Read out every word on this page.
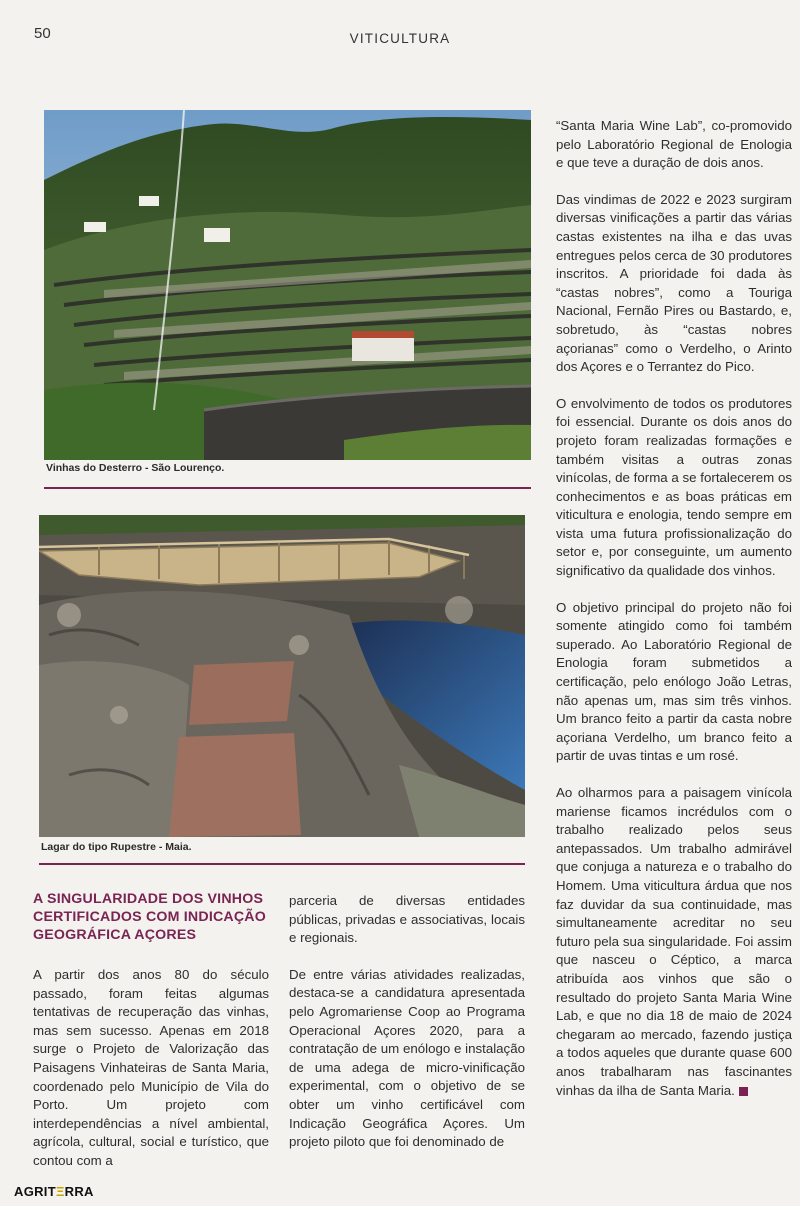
50	VITICULTURA
Vinhas do Desterro - São Lourenço.
Lagar do tipo Rupestre - Maia.

“Santa Maria Wine Lab”, co-promovido pelo Laboratório Regional de Enologia e que teve a duração de dois anos.

Das vindimas de 2022 e 2023 surgiram diversas vinificações a partir das várias castas existentes na ilha e das uvas entregues pelos cerca de 30 produtores inscritos. A prioridade foi dada às “castas nobres”, como a Touriga Nacional, Fernão Pires ou Bastardo, e, sobretudo, às “castas nobres açorianas” como o Verdelho, o Arinto dos Açores e o Terrantez do Pico.

O envolvimento de todos os produtores foi essencial. Durante os dois anos do projeto foram realizadas formações e também visitas a outras zonas vinícolas, de forma a se fortalecerem os conhecimentos e as boas práticas em viticultura e enologia, tendo sempre em vista uma futura profissionalização do setor e, por conseguinte, um aumento significativo da qualidade dos vinhos.

O objetivo principal do projeto não foi somente atingido como foi também superado. Ao Laboratório Regional de Enologia foram submetidos a certificação, pelo enólogo João Letras, não apenas um, mas sim três vinhos. Um branco feito a partir da casta nobre açoriana Verdelho, um branco feito a partir de uvas tintas e um rosé.

Ao olharmos para a paisagem vinícola mariense ficamos incrédulos com o trabalho realizado pelos seus antepassados. Um trabalho admirável que conjuga a natureza e o trabalho do Homem. Uma viticultura árdua que nos faz duvidar da sua continuidade, mas simultaneamente acreditar no seu futuro pela sua singularidade. Foi assim que nasceu o Céptico, a marca atribuída aos vinhos que são o resultado do projeto Santa Maria Wine Lab, e que no dia 18 de maio de 2024 chegaram ao mercado, fazendo justiça a todos aqueles que durante quase 600 anos trabalharam nas fascinantes vinhas da ilha de Santa Maria.

A SINGULARIDADE DOS VINHOS CERTIFICADOS COM INDICAÇÃO GEOGRÁFICA AÇORES

A partir dos anos 80 do século passado, foram feitas algumas tentativas de recuperação das vinhas, mas sem sucesso. Apenas em 2018 surge o Projeto de Valorização das Paisagens Vinhateiras de Santa Maria, coordenado pelo Município de Vila do Porto. Um projeto com interdependências a nível ambiental, agrícola, cultural, social e turístico, que contou com a

parceria de diversas entidades públicas, privadas e associativas, locais e regionais.

De entre várias atividades realizadas, destaca-se a candidatura apresentada pelo Agromariense Coop ao Programa Operacional Açores 2020, para a contratação de um enólogo e instalação de uma adega de micro-vinificação experimental, com o objetivo de se obter um vinho certificável com Indicação Geográfica Açores. Um projeto piloto que foi denominado de

AGRITΞRRA
